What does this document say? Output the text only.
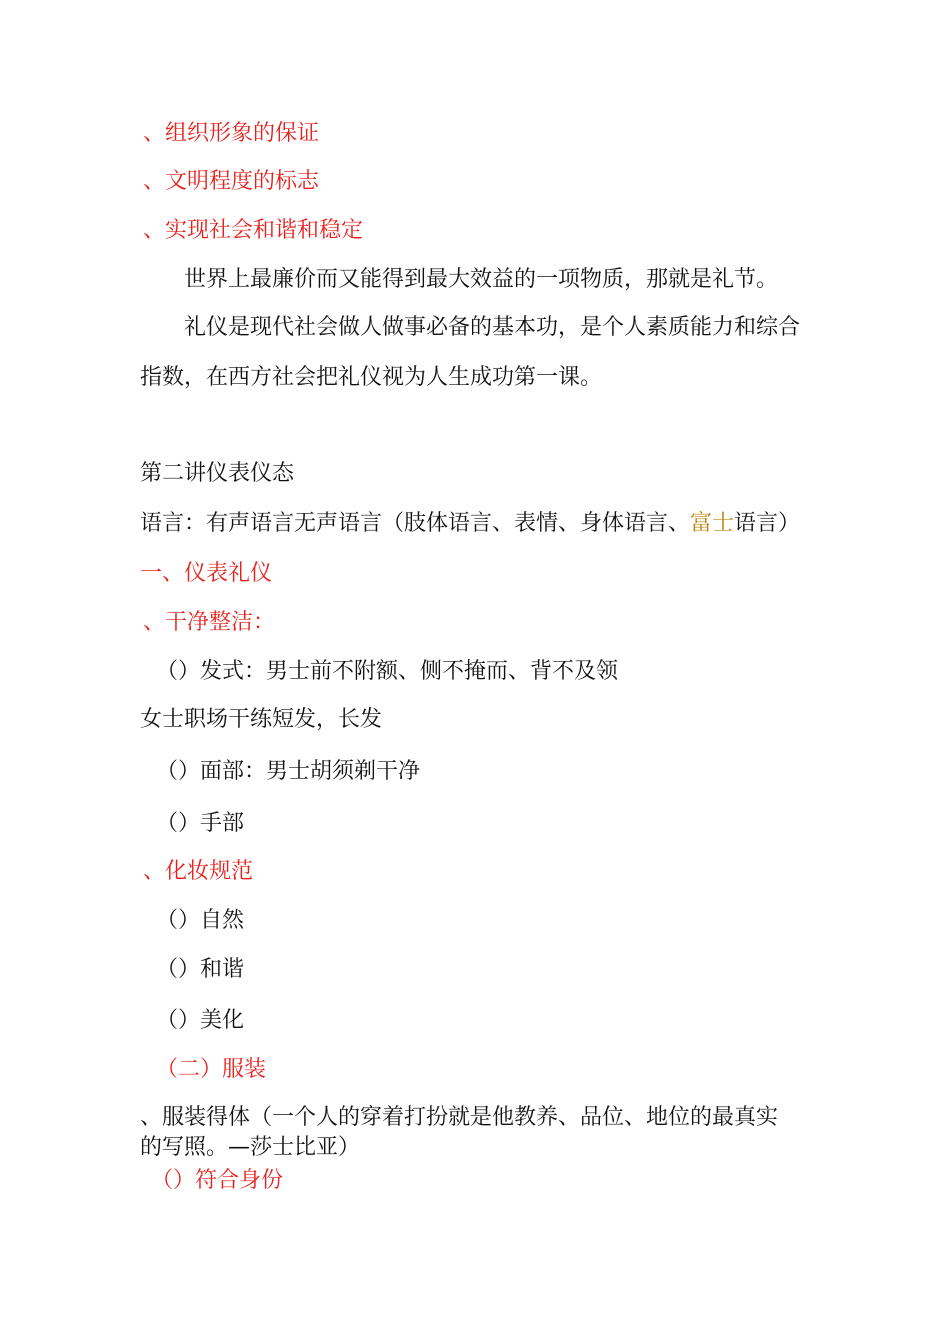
、组织形象的保证
、文明程度的标志
、实现社会和谐和稳定
世界上最廉价而又能得到最大效益的一项物质，那就是礼节。
礼仪是现代社会做人做事必备的基本功，是个人素质能力和综合
指数，在西方社会把礼仪视为人生成功第一课。
第二讲仪表仪态
语言：有声语言无声语言（肢体语言、表情、身体语言、富士语言）
一、仪表礼仪
、干净整洁：
（）发式：男士前不附额、侧不掩而、背不及领
女士职场干练短发，长发
（）面部：男士胡须剃干净
（）手部
、化妆规范
（）自然
（）和谐
（）美化
（二）服装
、服装得体（一个人的穿着打扮就是他教养、品位、地位的最真实
的写照。—莎士比亚）
（）符合身份
